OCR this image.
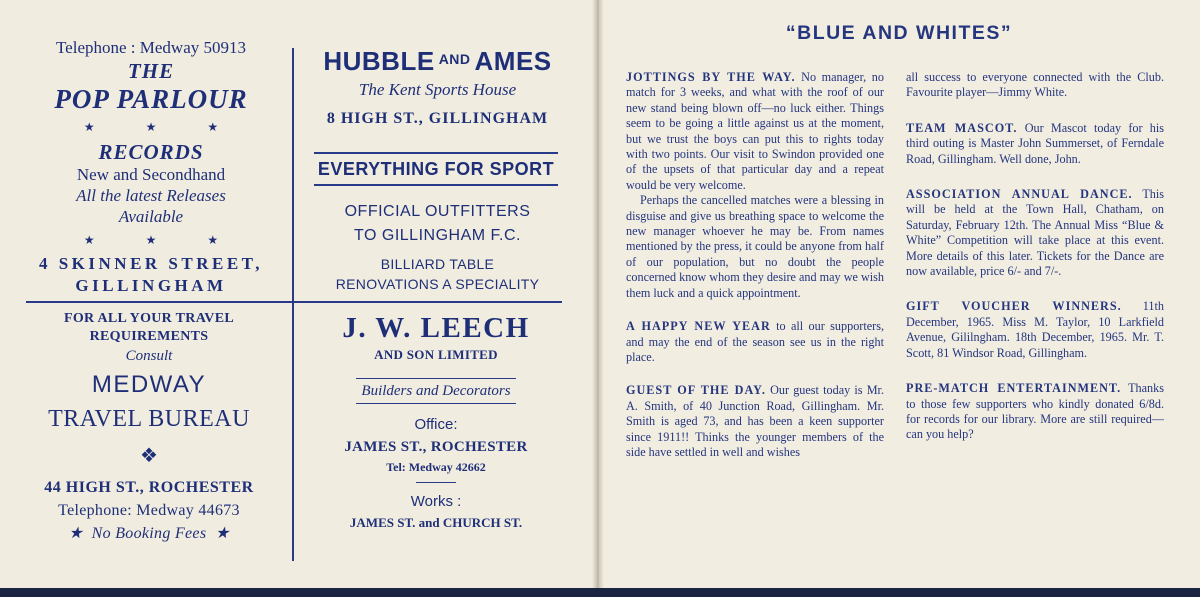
Telephone : Medway 50913
THE
POP PARLOUR
★ ★ ★
RECORDS
New and Secondhand
All the latest Releases
Available
★ ★ ★
4 SKINNER STREET,
GILLINGHAM
HUBBLE $^{AND}$ AMES
The Kent Sports House
8 HIGH ST., GILLINGHAM
EVERYTHING FOR SPORT
OFFICIAL OUTFITTERS
TO GILLINGHAM F.C.
BILLIARD TABLE
RENOVATIONS A SPECIALITY
FOR ALL YOUR TRAVEL
REQUIREMENTS
Consult
MEDWAY
TRAVEL BUREAU
❖
44 HIGH ST., ROCHESTER
Telephone: Medway 44673
★  No Booking Fees  ★
J. W. LEECH
AND SON LIMITED
Builders and Decorators
Office:
JAMES ST., ROCHESTER
Tel: Medway 42662
Works :
JAMES ST. and CHURCH ST.
“BLUE AND WHITES”
JOTTINGS BY THE WAY. No manager, no match for 3 weeks, and what with the roof of our new stand being blown off—no luck either. Things seem to be going a little against us at the moment, but we trust the boys can put this to rights today with two points. Our visit to Swindon provided one of the upsets of that particular day and a repeat would be very welcome.
Perhaps the cancelled matches were a blessing in disguise and give us breathing space to welcome the new manager whoever he may be. From names mentioned by the press, it could be anyone from half of our population, but no doubt the people concerned know whom they desire and may we wish them luck and a quick appointment.
A HAPPY NEW YEAR to all our supporters, and may the end of the season see us in the right place.
GUEST OF THE DAY. Our guest today is Mr. A. Smith, of 40 Junction Road, Gillingham. Mr. Smith is aged 73, and has been a keen supporter since 1911!! Thinks the younger members of the side have settled in well and wishes
all success to everyone connected with the Club. Favourite player—Jimmy White.
TEAM MASCOT. Our Mascot today for his third outing is Master John Summerset, of Ferndale Road, Gillingham. Well done, John.
ASSOCIATION ANNUAL DANCE. This will be held at the Town Hall, Chatham, on Saturday, February 12th. The Annual Miss “Blue & White” Competition will take place at this event. More details of this later. Tickets for the Dance are now available, price 6/- and 7/-.
GIFT VOUCHER WINNERS. 11th December, 1965. Miss M. Taylor, 10 Larkfield Avenue, Gililngham. 18th December, 1965. Mr. T. Scott, 81 Windsor Road, Gillingham.
PRE-MATCH ENTERTAINMENT. Thanks to those few supporters who kindly donated 6/8d. for records for our library. More are still required—can you help?
